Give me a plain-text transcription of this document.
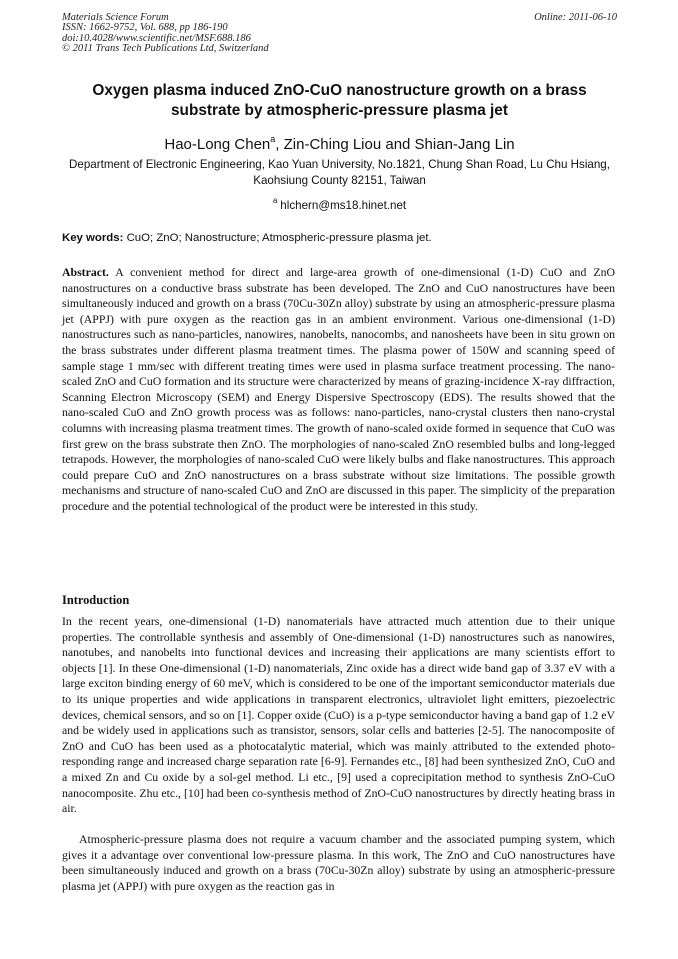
Materials Science Forum	Online: 2011-06-10
ISSN: 1662-9752, Vol. 688, pp 186-190
doi:10.4028/www.scientific.net/MSF.688.186
© 2011 Trans Tech Publications Ltd, Switzerland
Oxygen plasma induced ZnO-CuO nanostructure growth on a brass substrate by atmospheric-pressure plasma jet
Hao-Long Chen$^a$, Zin-Ching Liou and Shian-Jang Lin
Department of Electronic Engineering, Kao Yuan University, No.1821, Chung Shan Road, Lu Chu Hsiang, Kaohsiung County 82151, Taiwan
$^a$ hlchern@ms18.hinet.net
Key words: CuO; ZnO; Nanostructure; Atmospheric-pressure plasma jet.

Abstract. A convenient method for direct and large-area growth of one-dimensional (1-D) CuO and ZnO nanostructures on a conductive brass substrate has been developed. The ZnO and CuO nanostructures have been simultaneously induced and growth on a brass (70Cu-30Zn alloy) substrate by using an atmospheric-pressure plasma jet (APPJ) with pure oxygen as the reaction gas in an ambient environment. Various one-dimensional (1-D) nanostructures such as nano-particles, nanowires, nanobelts, nanocombs, and nanosheets have been in situ grown on the brass substrates under different plasma treatment times. The plasma power of 150W and scanning speed of sample stage 1 mm/sec with different treating times were used in plasma surface treatment processing. The nano-scaled ZnO and CuO formation and its structure were characterized by means of grazing-incidence X-ray diffraction, Scanning Electron Microscopy (SEM) and Energy Dispersive Spectroscopy (EDS). The results showed that the nano-scaled CuO and ZnO growth process was as follows: nano-particles, nano-crystal clusters then nano-crystal columns with increasing plasma treatment times. The growth of nano-scaled oxide formed in sequence that CuO was first grew on the brass substrate then ZnO. The morphologies of nano-scaled ZnO resembled bulbs and long-legged tetrapods. However, the morphologies of nano-scaled CuO were likely bulbs and flake nanostructures. This approach could prepare CuO and ZnO nanostructures on a brass substrate without size limitations. The possible growth mechanisms and structure of nano-scaled CuO and ZnO are discussed in this paper. The simplicity of the preparation procedure and the potential technological of the product were be interested in this study.

Introduction

In the recent years, one-dimensional (1-D) nanomaterials have attracted much attention due to their unique properties. The controllable synthesis and assembly of One-dimensional (1-D) nanostructures such as nanowires, nanotubes, and nanobelts into functional devices and increasing their applications are many scientists effort to objects [1]. In these One-dimensional (1-D) nanomaterials, Zinc oxide has a direct wide band gap of 3.37 eV with a large exciton binding energy of 60 meV, which is considered to be one of the important semiconductor materials due to its unique properties and wide applications in transparent electronics, ultraviolet light emitters, piezoelectric devices, chemical sensors, and so on [1]. Copper oxide (CuO) is a p-type semiconductor having a band gap of 1.2 eV and be widely used in applications such as transistor, sensors, solar cells and batteries [2-5]. The nanocomposite of ZnO and CuO has been used as a photocatalytic material, which was mainly attributed to the extended photo-responding range and increased charge separation rate [6-9]. Fernandes etc., [8] had been synthesized ZnO, CuO and a mixed Zn and Cu oxide by a sol-gel method. Li etc., [9] used a coprecipitation method to synthesis ZnO-CuO nanocomposite. Zhu etc., [10] had been co-synthesis method of ZnO-CuO nanostructures by directly heating brass in air.

Atmospheric-pressure plasma does not require a vacuum chamber and the associated pumping system, which gives it a advantage over conventional low-pressure plasma. In this work, The ZnO and CuO nanostructures have been simultaneously induced and growth on a brass (70Cu-30Zn alloy) substrate by using an atmospheric-pressure plasma jet (APPJ) with pure oxygen as the reaction gas in
